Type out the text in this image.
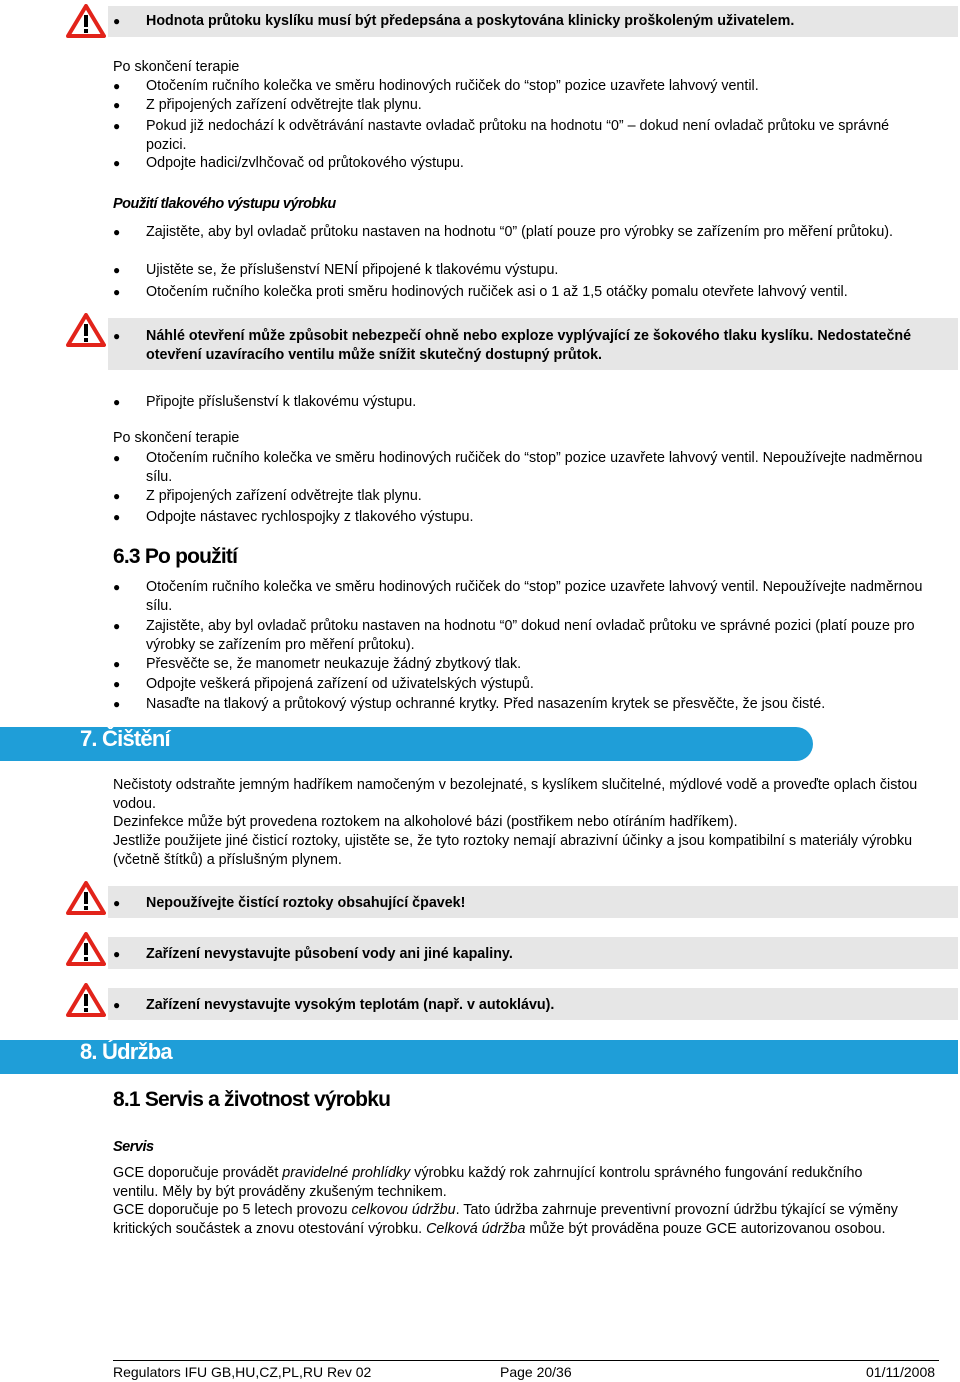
● Hodnota průtoku kyslíku musí být předepsána a poskytována klinicky proškoleným uživatelem.
Po skončení terapie
● Otočením ručního kolečka ve směru hodinových ručiček do “stop” pozice uzavřete lahvový ventil.
● Z připojených zařízení odvětrejte tlak plynu.
● Pokud již nedochází k odvětrávání nastavte ovladač průtoku na hodnotu “0” – dokud není ovladač průtoku ve správné pozici.
● Odpojte hadici/zvlhčovač od průtokového výstupu.
Použití tlakového výstupu výrobku
● Zajistěte, aby byl ovladač průtoku nastaven na hodnotu “0” (platí pouze pro výrobky se zařízením pro měření průtoku).
● Ujistěte se, že příslušenství NENÍ připojené k tlakovému výstupu.
● Otočením ručního kolečka proti směru hodinových ručiček asi o 1 až 1,5 otáčky pomalu otevřete lahvový ventil.
● Náhlé otevření může způsobit nebezpečí ohně nebo exploze vyplývající ze šokového tlaku kyslíku. Nedostatečné otevření uzavíracího ventilu může snížit skutečný dostupný průtok.
● Připojte příslušenství k tlakovému výstupu.
Po skončení terapie
● Otočením ručního kolečka ve směru hodinových ručiček do “stop” pozice uzavřete lahvový ventil. Nepoužívejte nadměrnou sílu.
● Z připojených zařízení odvětrejte tlak plynu.
● Odpojte nástavec rychlospojky z tlakového výstupu.
6.3 Po použití
● Otočením ručního kolečka ve směru hodinových ručiček do “stop” pozice uzavřete lahvový ventil. Nepoužívejte nadměrnou sílu.
● Zajistěte, aby byl ovladač průtoku nastaven na hodnotu “0” dokud není ovladač průtoku ve správné pozici (platí pouze pro výrobky se zařízením pro měření průtoku).
● Přesvěčte se, že manometr neukazuje žádný zbytkový tlak.
● Odpojte veškerá připojená zařízení od uživatelských výstupů.
● Nasaďte na tlakový a průtokový výstup ochranné krytky. Před nasazením krytek se přesvěčte, že jsou čisté.
7. Čištění
Nečistoty odstraňte jemným hadříkem namočeným v bezolejnaté, s kyslíkem slučitelné, mýdlové vodě a proveďte oplach čistou vodou.
Dezinfekce může být provedena roztokem na alkoholové bázi (postřikem nebo otíráním hadříkem).
Jestliže použijete jiné čisticí roztoky, ujistěte se, že tyto roztoky nemají abrazivní účinky a jsou kompatibilní s materiály výrobku (včetně štítků) a příslušným plynem.
● Nepoužívejte čistící roztoky obsahující čpavek!
● Zařízení nevystavujte působení vody ani jiné kapaliny.
● Zařízení nevystavujte vysokým teplotám (např. v autoklávu).
8. Údržba
8.1 Servis a životnost výrobku
Servis
GCE doporučuje provádět pravidelné prohlídky výrobku každý rok zahrnující kontrolu správného fungování redukčního ventilu. Měly by být prováděny zkušeným technikem.
GCE doporučuje po 5 letech provozu celkovou údržbu. Tato údržba zahrnuje preventivní provozní údržbu týkající se výměny kritických součástek a znovu otestování výrobku. Celková údržba může být prováděna pouze GCE autorizovanou osobou.
Regulators IFU GB,HU,CZ,PL,RU Rev 02	Page 20/36	01/11/2008
